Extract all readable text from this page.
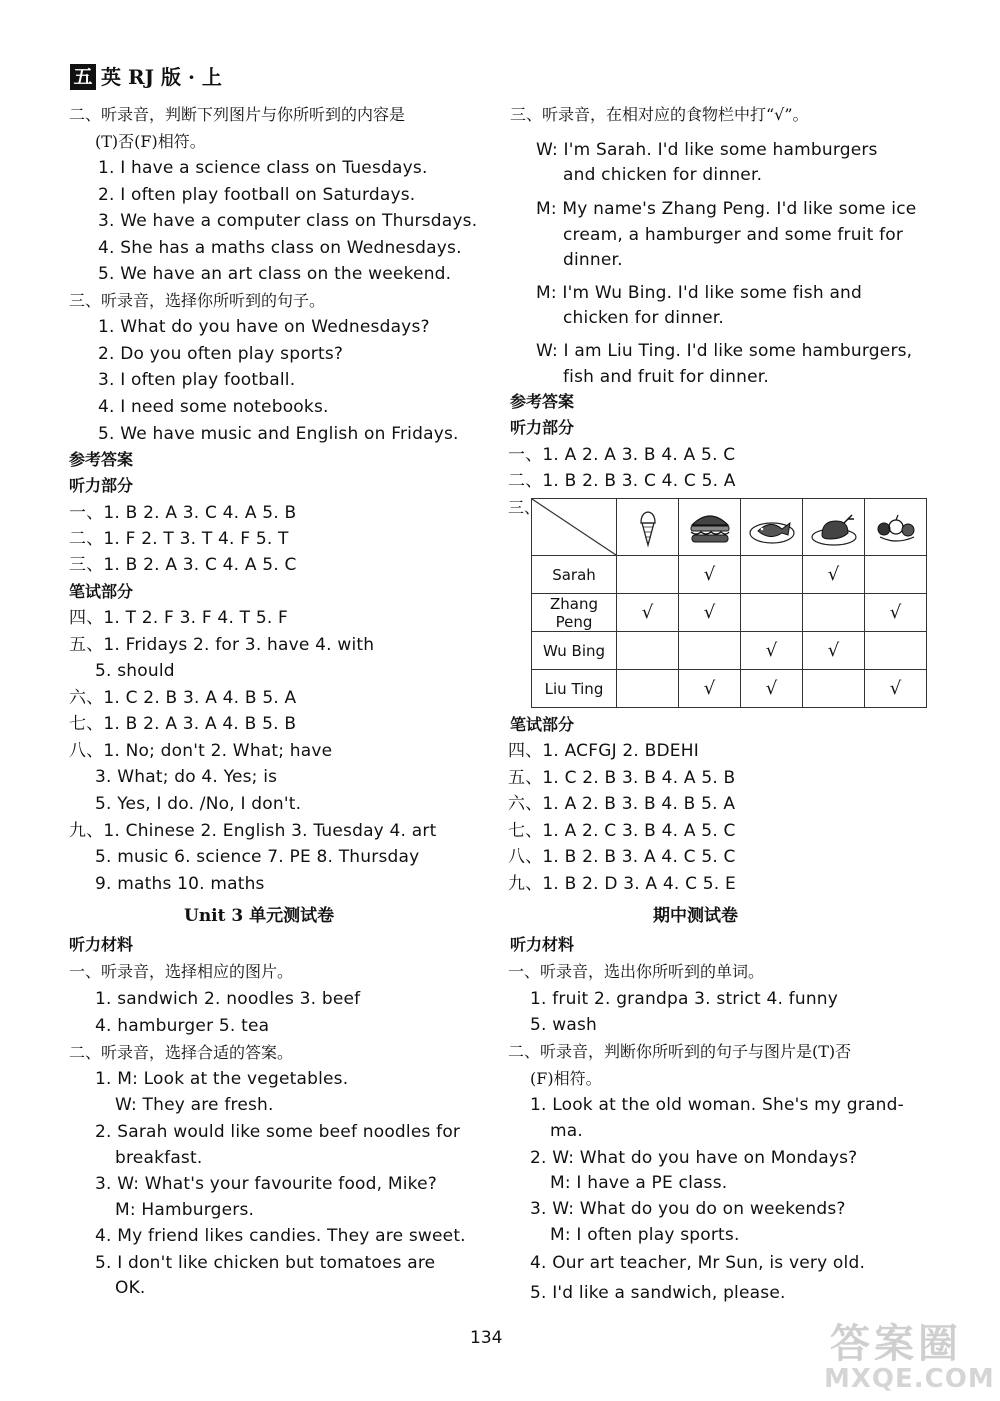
五 英 RJ 版 · 上
二、听录音，判断下列图片与你所听到的内容是
(T)否(F)相符。
1. I have a science class on Tuesdays.
2. I often play football on Saturdays.
3. We have a computer class on Thursdays.
4. She has a maths class on Wednesdays.
5. We have an art class on the weekend.
三、听录音，选择你所听到的句子。
1. What do you have on Wednesdays?
2. Do you often play sports?
3. I often play football.
4. I need some notebooks.
5. We have music and English on Fridays.
参考答案
听力部分
一、1. B 2. A 3. C 4. A 5. B
二、1. F 2. T 3. T 4. F 5. T
三、1. B 2. A 3. C 4. A 5. C
笔试部分
四、1. T 2. F 3. F 4. T 5. F
五、1. Fridays 2. for 3. have 4. with
5. should
六、1. C 2. B 3. A 4. B 5. A
七、1. B 2. A 3. A 4. B 5. B
八、1. No; don't 2. What; have
3. What; do 4. Yes; is
5. Yes, I do. /No, I don't.
九、1. Chinese 2. English 3. Tuesday 4. art
5. music 6. science 7. PE 8. Thursday
9. maths 10. maths
Unit 3 单元测试卷
听力材料
一、听录音，选择相应的图片。
1. sandwich 2. noodles 3. beef
4. hamburger 5. tea
二、听录音，选择合适的答案。
1. M: Look at the vegetables.
W: They are fresh.
2. Sarah would like some beef noodles for
breakfast.
3. W: What's your favourite food, Mike?
M: Hamburgers.
4. My friend likes candies. They are sweet.
5. I don't like chicken but tomatoes are
OK.
三、听录音，在相对应的食物栏中打“√”。
W: I'm Sarah. I'd like some hamburgers
and chicken for dinner.
M: My name's Zhang Peng. I'd like some ice
cream, a hamburger and some fruit for
dinner.
M: I'm Wu Bing. I'd like some fish and
chicken for dinner.
W: I am Liu Ting. I'd like some hamburgers,
fish and fruit for dinner.
参考答案
听力部分
一、1. A 2. A 3. B 4. A 5. C
二、1. B 2. B 3. C 4. C 5. A
三、

Sarah		√		√	
Zhang Peng	√	√			√
Wu Bing			√	√	
Liu Ting		√	√		√
笔试部分
四、1. ACFGJ 2. BDEHI
五、1. C 2. B 3. B 4. A 5. B
六、1. A 2. B 3. B 4. B 5. A
七、1. A 2. C 3. B 4. A 5. C
八、1. B 2. B 3. A 4. C 5. C
九、1. B 2. D 3. A 4. C 5. E
期中测试卷
听力材料
一、听录音，选出你所听到的单词。
1. fruit 2. grandpa 3. strict 4. funny
5. wash
二、听录音，判断你所听到的句子与图片是(T)否
(F)相符。
1. Look at the old woman. She's my grand-
ma.
2. W: What do you have on Mondays?
M: I have a PE class.
3. W: What do you do on weekends?
M: I often play sports.
4. Our art teacher, Mr Sun, is very old.
5. I'd like a sandwich, please.
134	答案圈
MXQE.COM
